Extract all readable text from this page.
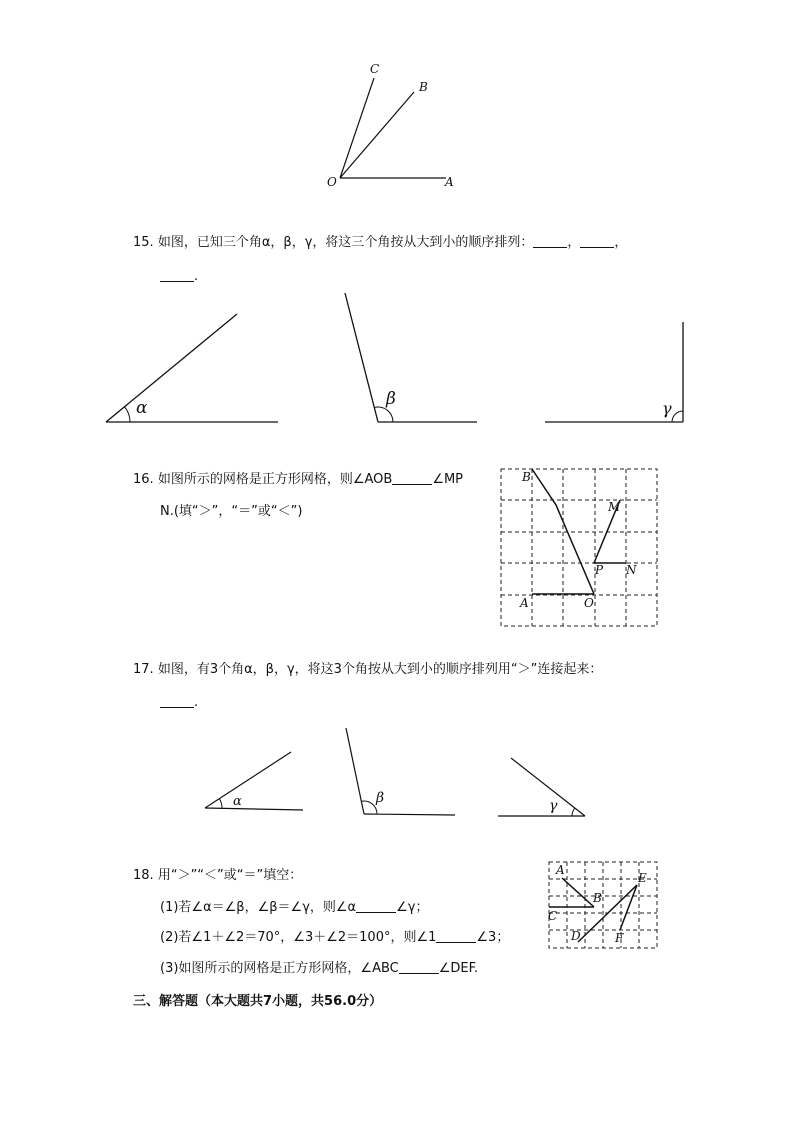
C
B
O	A
15. 如图，已知三个角α，β，γ，将这三个角按从大到小的顺序排列：	，	，
.
α	β	γ
16. 如图所示的网格是正方形网格，则∠AOB	∠MP
N.(填“＞”，“＝”或“＜”)
B
M
P N
A	O
17. 如图，有3个角α，β，γ，将这3个角按从大到小的顺序排列用“＞”连接起来：
.
α	β	γ
18. 用“＞”“＜”或“＝”填空：
(1)若∠α＝∠β，∠β＝∠γ，则∠α	∠γ；
(2)若∠1＋∠2＝70°，∠3＋∠2＝100°，则∠1	∠3；
(3)如图所示的网格是正方形网格，∠ABC	∠DEF.
A
E
B
C
D	F
三、解答题（本大题共7小题，共56.0分）
